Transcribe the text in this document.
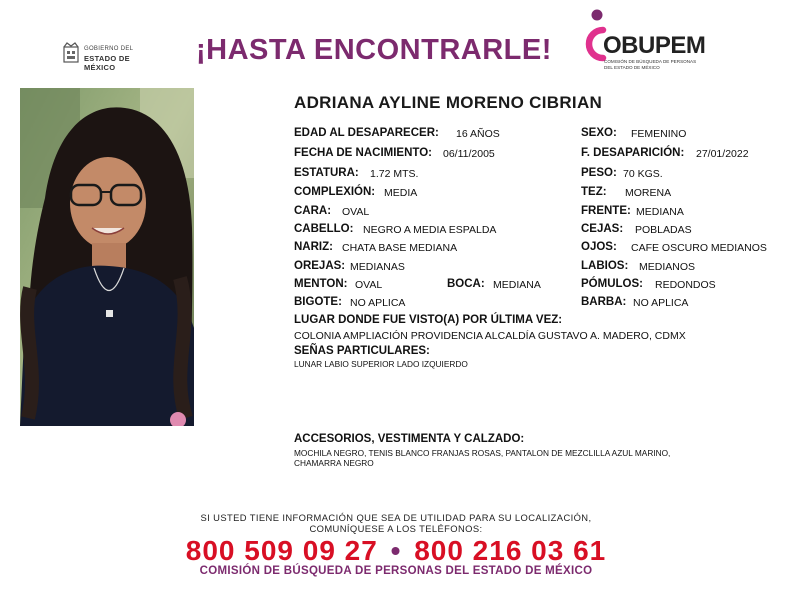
GOBIERNO DEL
ESTADO DE MÉXICO
¡HASTA ENCONTRARLE! OBUPEM
COMISIÓN DE BÚSQUEDA DE PERSONAS
DEL ESTADO DE MÉXICO
ADRIANA AYLINE MORENO CIBRIAN
EDAD AL DESAPARECER: 16 AÑOS
FECHA DE NACIMIENTO: 06/11/2005
ESTATURA: 1.72 MTS.
COMPLEXIÓN: MEDIA
CARA: OVAL
CABELLO: NEGRO A MEDIA ESPALDA
NARIZ: CHATA BASE MEDIANA
OREJAS: MEDIANAS
MENTON: OVAL	BOCA: MEDIANA
BIGOTE: NO APLICA
SEXO: FEMENINO
F. DESAPARICIÓN: 27/01/2022
PESO: 70 KGS.
TEZ: MORENA
FRENTE: MEDIANA
CEJAS: POBLADAS
OJOS: CAFE OSCURO MEDIANOS
LABIOS: MEDIANOS
PÓMULOS: REDONDOS
BARBA: NO APLICA
LUGAR DONDE FUE VISTO(A) POR ÚLTIMA VEZ:
COLONIA AMPLIACIÓN PROVIDENCIA ALCALDÍA GUSTAVO A. MADERO, CDMX
SEÑAS PARTICULARES:
LUNAR LABIO SUPERIOR LADO IZQUIERDO
ACCESORIOS, VESTIMENTA Y CALZADO:
MOCHILA NEGRO, TENIS BLANCO FRANJAS ROSAS, PANTALON DE MEZCLILLA AZUL MARINO,
CHAMARRA NEGRO
SI USTED TIENE INFORMACIÓN QUE SEA DE UTILIDAD PARA SU LOCALIZACIÓN,
COMUNÍQUESE A LOS TELÉFONOS:
800 509 09 27 • 800 216 03 61
COMISIÓN DE BÚSQUEDA DE PERSONAS DEL ESTADO DE MÉXICO
